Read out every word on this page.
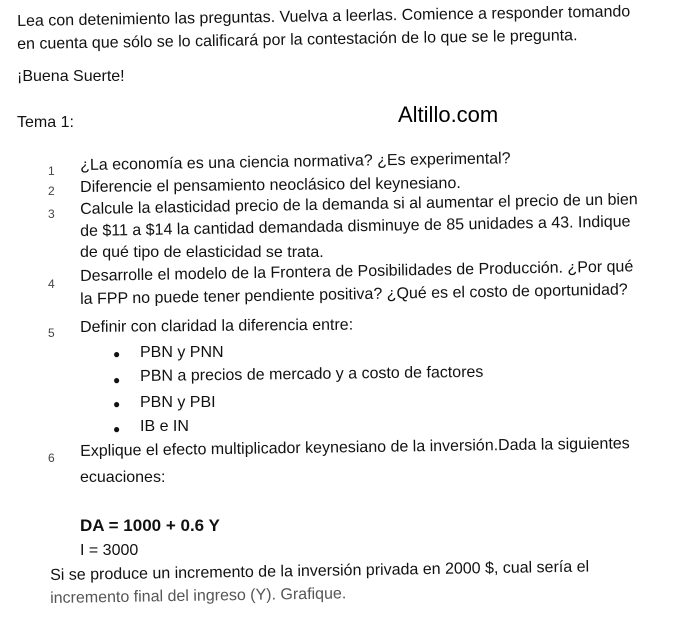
Lea con detenimiento las preguntas. Vuelva a leerlas. Comience a responder tomando
en cuenta que sólo se lo calificará por la contestación de lo que se le pregunta.
¡Buena Suerte!
Altillo.com
Tema 1:
1 ¿La economía es una ciencia normativa? ¿Es experimental?
2 Diferencie el pensamiento neoclásico del keynesiano.
3 Calcule la elasticidad precio de la demanda si al aumentar el precio de un bien
de $11 a $14 la cantidad demandada disminuye de 85 unidades a 43. Indique
de qué tipo de elasticidad se trata.
4 Desarrolle el modelo de la Frontera de Posibilidades de Producción. ¿Por qué
la FPP no puede tener pendiente positiva? ¿Qué es el costo de oportunidad?
5 Definir con claridad la diferencia entre:
● PBN y PNN
● PBN a precios de mercado y a costo de factores
● PBN y PBI
● IB e IN
6 Explique el efecto multiplicador keynesiano de la inversión.Dada la siguientes
ecuaciones:
DA = 1000 + 0.6 Y
I = 3000
Si se produce un incremento de la inversión privada en 2000 $, cual sería el
incremento final del ingreso (Y). Grafique.
